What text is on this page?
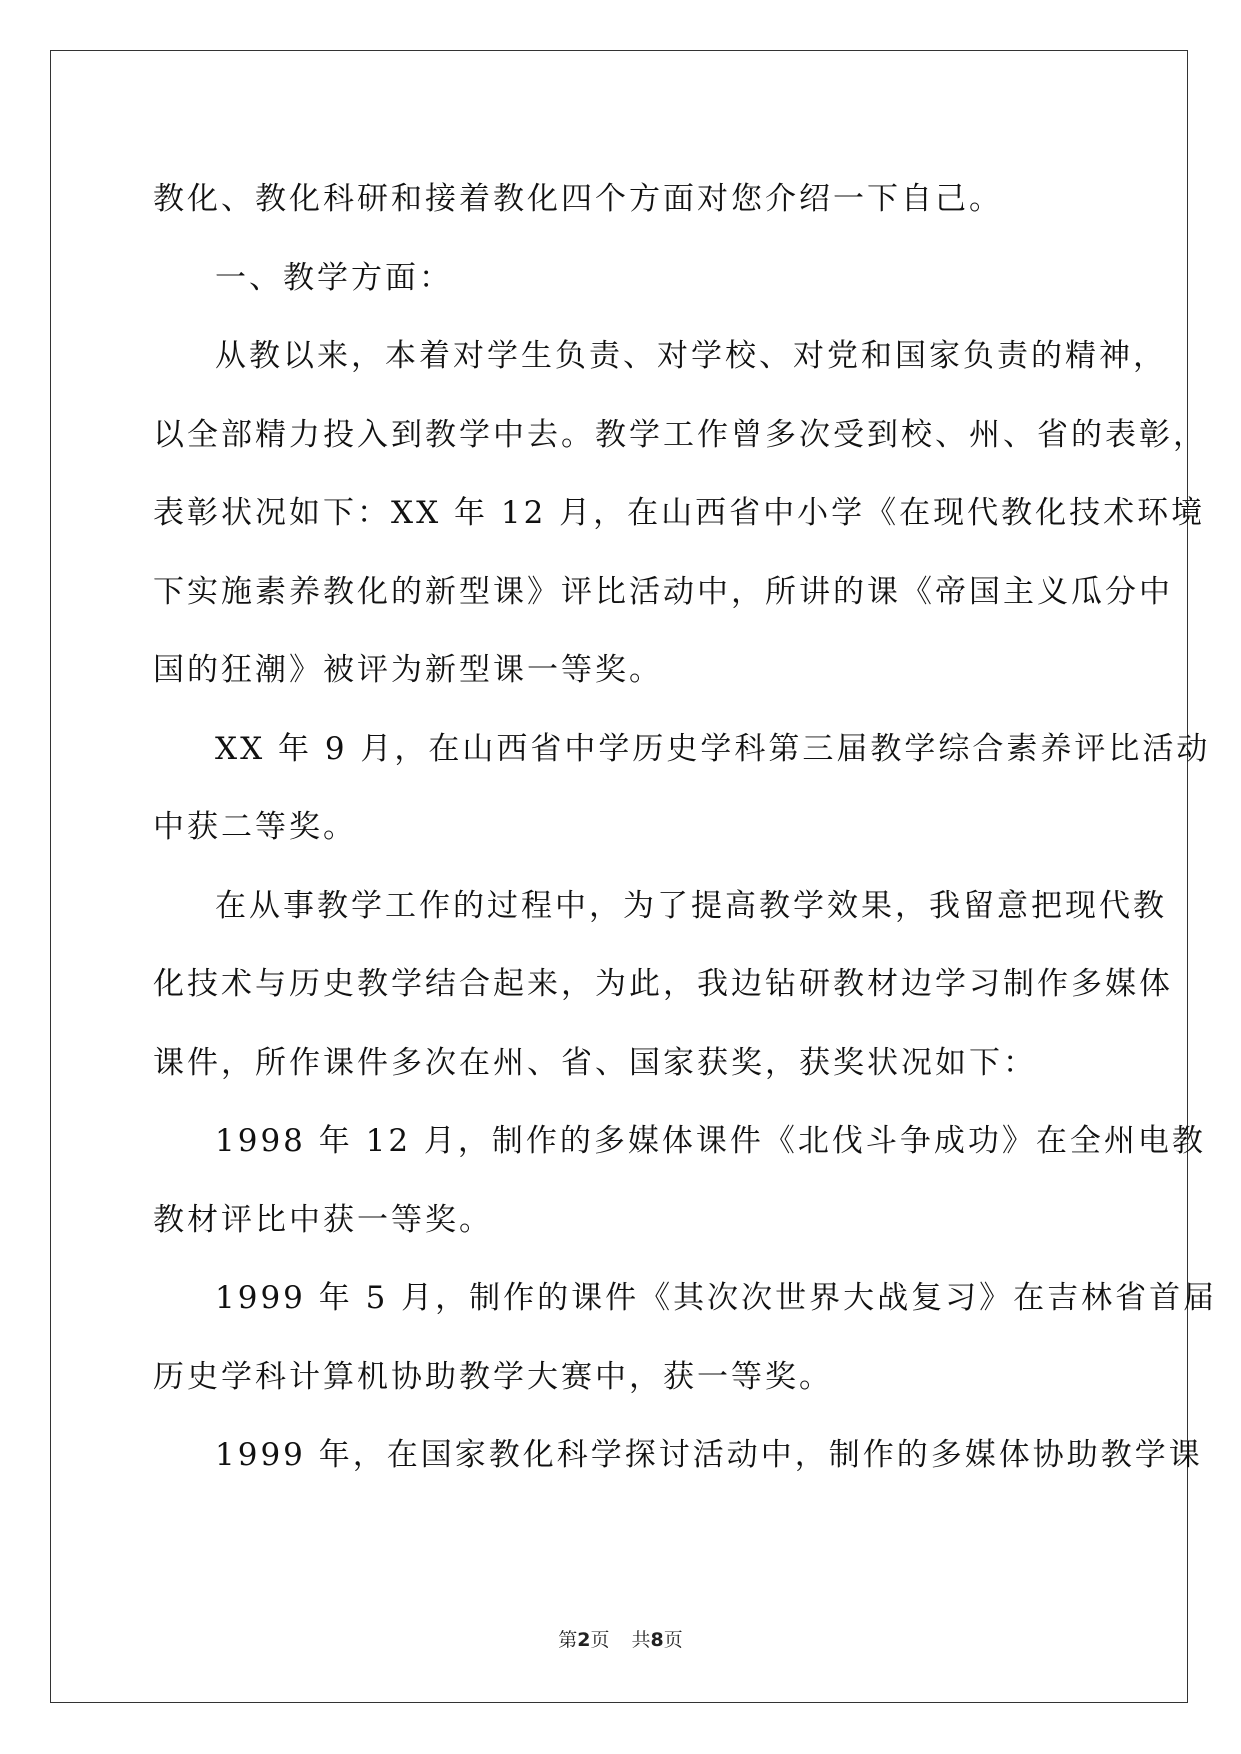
教化、教化科研和接着教化四个方面对您介绍一下自己。
一、教学方面：
从教以来，本着对学生负责、对学校、对党和国家负责的精神，
以全部精力投入到教学中去。教学工作曾多次受到校、州、省的表彰，
表彰状况如下：XX 年 12 月，在山西省中小学《在现代教化技术环境
下实施素养教化的新型课》评比活动中，所讲的课《帝国主义瓜分中
国的狂潮》被评为新型课一等奖。
XX 年 9 月，在山西省中学历史学科第三届教学综合素养评比活动
中获二等奖。
在从事教学工作的过程中，为了提高教学效果，我留意把现代教
化技术与历史教学结合起来，为此，我边钻研教材边学习制作多媒体
课件，所作课件多次在州、省、国家获奖，获奖状况如下：
1998 年 12 月，制作的多媒体课件《北伐斗争成功》在全州电教
教材评比中获一等奖。
1999 年 5 月，制作的课件《其次次世界大战复习》在吉林省首届
历史学科计算机协助教学大赛中，获一等奖。
1999 年，在国家教化科学探讨活动中，制作的多媒体协助教学课
第2页 共8页
